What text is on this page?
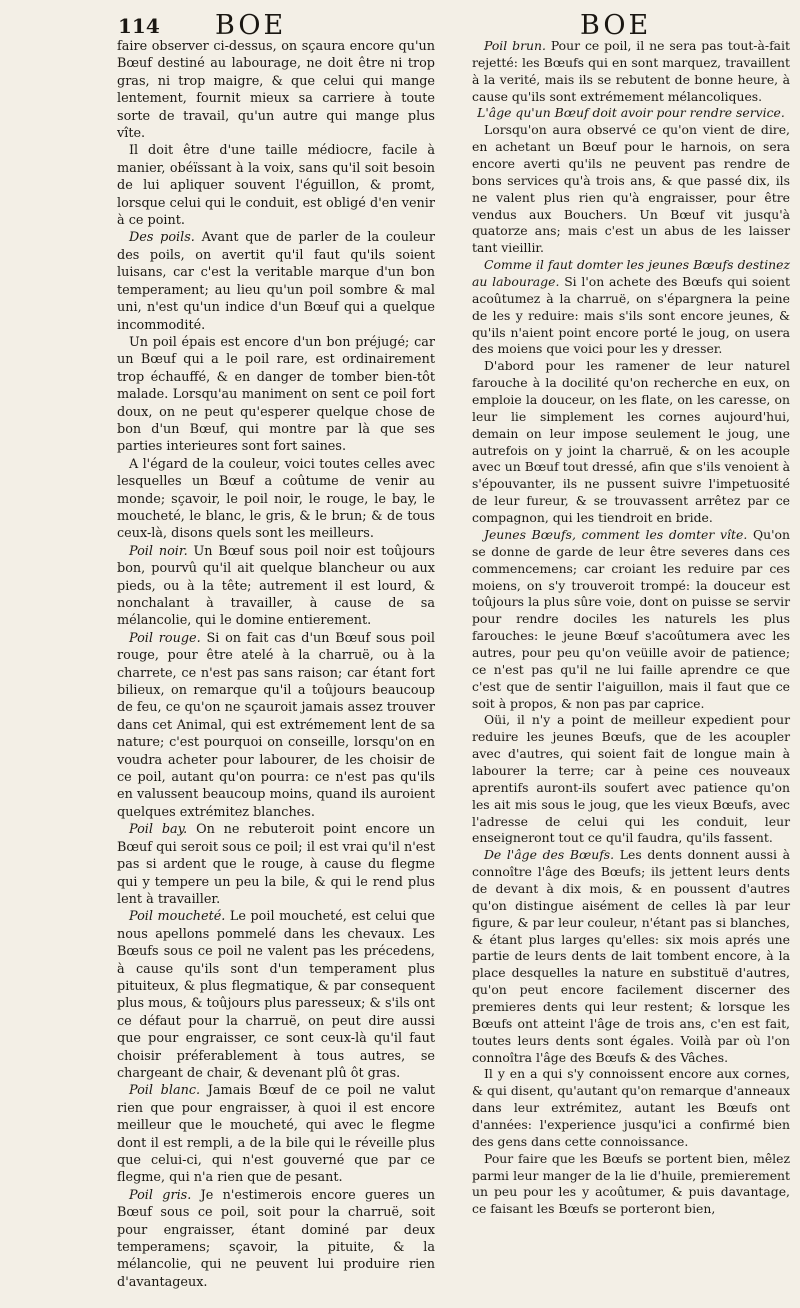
114 BOE	BOE

faire observer ci-dessus, on sçaura encore qu'un Bœuf destiné au labourage, ne doit être ni trop gras, ni trop maigre, & que celui qui mange lentement, fournit mieux sa carriere à toute sorte de travail, qu'un autre qui mange plus vîte.

Il doit être d'une taille médiocre, facile à manier, obéïssant à la voix, sans qu'il soit besoin de lui apliquer souvent l'éguillon, & promt, lorsque celui qui le conduit, est obligé d'en venir à ce point.

Des poils. Avant que de parler de la couleur des poils, on avertit qu'il faut qu'ils soient luisans, car c'est la veritable marque d'un bon temperament; au lieu qu'un poil sombre & mal uni, n'est qu'un indice d'un Bœuf qui a quelque incommodité.

Un poil épais est encore d'un bon préjugé; car un Bœuf qui a le poil rare, est ordinairement trop échauffé, & en danger de tomber bien-tôt malade. Lorsqu'au maniment on sent ce poil fort doux, on ne peut qu'esperer quelque chose de bon d'un Bœuf, qui montre par là que ses parties interieures sont fort saines.

A l'égard de la couleur, voici toutes celles avec lesquelles un Bœuf a coûtume de venir au monde; sçavoir, le poil noir, le rouge, le bay, le moucheté, le blanc, le gris, & le brun; & de tous ceux-là, disons quels sont les meilleurs.

Poil noir. Un Bœuf sous poil noir est toûjours bon, pourvû qu'il ait quelque blancheur ou aux pieds, ou à la tête; autrement il est lourd, & nonchalant à travailler, à cause de sa mélancolie, qui le domine entierement.

Poil rouge. Si on fait cas d'un Bœuf sous poil rouge, pour être atelé à la charruë, ou à la charrete, ce n'est pas sans raison; car étant fort bilieux, on remarque qu'il a toûjours beaucoup de feu, ce qu'on ne sçauroit jamais assez trouver dans cet Animal, qui est extrémement lent de sa nature; c'est pourquoi on conseille, lorsqu'on en voudra acheter pour labourer, de les choisir de ce poil, autant qu'on pourra: ce n'est pas qu'ils en valussent beaucoup moins, quand ils auroient quelques extrémitez blanches.

Poil bay. On ne rebuteroit point encore un Bœuf qui seroit sous ce poil; il est vrai qu'il n'est pas si ardent que le rouge, à cause du flegme qui y tempere un peu la bile, & qui le rend plus lent à travailler.

Poil moucheté. Le poil moucheté, est celui que nous apellons pommelé dans les chevaux. Les Bœufs sous ce poil ne valent pas les précedens, à cause qu'ils sont d'un temperament plus pituiteux, & plus flegmatique, & par consequent plus mous, & toûjours plus paresseux; & s'ils ont ce défaut pour la charruë, on peut dire aussi que pour engraisser, ce sont ceux-là qu'il faut choisir préferablement à tous autres, se chargeant de chair, & devenant plû ôt gras.

Poil blanc. Jamais Bœuf de ce poil ne valut rien que pour engraisser, à quoi il est encore meilleur que le moucheté, qui avec le flegme dont il est rempli, a de la bile qui le réveille plus que celui-ci, qui n'est gouverné que par ce flegme, qui n'a rien que de pesant.

Poil gris. Je n'estimerois encore gueres un Bœuf sous ce poil, soit pour la charruë, soit pour engraisser, étant dominé par deux temperamens; sçavoir, la pituite, & la mélancolie, qui ne peuvent lui produire rien d'avantageux.

Poil brun. Pour ce poil, il ne sera pas tout-à-fait rejetté: les Bœufs qui en sont marquez, travaillent à la verité, mais ils se rebutent de bonne heure, à cause qu'ils sont extrémement mélancoliques.

L'âge qu'un Bœuf doit avoir pour rendre service.

Lorsqu'on aura observé ce qu'on vient de dire, en achetant un Bœuf pour le harnois, on sera encore averti qu'ils ne peuvent pas rendre de bons services qu'à trois ans, & que passé dix, ils ne valent plus rien qu'à engraisser, pour être vendus aux Bouchers. Un Bœuf vit jusqu'à quatorze ans; mais c'est un abus de les laisser tant vieillir.

Comme il faut domter les jeunes Bœufs destinez au labourage. Si l'on achete des Bœufs qui soient acoûtumez à la charruë, on s'épargnera la peine de les y reduire: mais s'ils sont encore jeunes, & qu'ils n'aient point encore porté le joug, on usera des moiens que voici pour les y dresser.

D'abord pour les ramener de leur naturel farouche à la docilité qu'on recherche en eux, on emploie la douceur, on les flate, on les caresse, on leur lie simplement les cornes aujourd'hui, demain on leur impose seulement le joug, une autrefois on y joint la charruë, & on les acouple avec un Bœuf tout dressé, afin que s'ils venoient à s'épouvanter, ils ne pussent suivre l'impetuosité de leur fureur, & se trouvassent arrêtez par ce compagnon, qui les tiendroit en bride.

Jeunes Bœufs, comment les domter vîte. Qu'on se donne de garde de leur être severes dans ces commencemens; car croiant les reduire par ces moiens, on s'y trouveroit trompé: la douceur est toûjours la plus sûre voie, dont on puisse se servir pour rendre dociles les naturels les plus farouches: le jeune Bœuf s'acoûtumera avec les autres, pour peu qu'on veüille avoir de patience; ce n'est pas qu'il ne lui faille aprendre ce que c'est que de sentir l'aiguillon, mais il faut que ce soit à propos, & non pas par caprice.

Oüi, il n'y a point de meilleur expedient pour reduire les jeunes Bœufs, que de les acoupler avec d'autres, qui soient fait de longue main à labourer la terre; car à peine ces nouveaux aprentifs auront-ils soufert avec patience qu'on les ait mis sous le joug, que les vieux Bœufs, avec l'adresse de celui qui les conduit, leur enseigneront tout ce qu'il faudra, qu'ils fassent.

De l'âge des Bœufs. Les dents donnent aussi à connoître l'âge des Bœufs; ils jettent leurs dents de devant à dix mois, & en poussent d'autres qu'on distingue aisément de celles là par leur figure, & par leur couleur, n'étant pas si blanches, & étant plus larges qu'elles: six mois aprés une partie de leurs dents de lait tombent encore, à la place desquelles la nature en substituë d'autres, qu'on peut encore facilement discerner des premieres dents qui leur restent; & lorsque les Bœufs ont atteint l'âge de trois ans, c'en est fait, toutes leurs dents sont égales. Voilà par où l'on connoîtra l'âge des Bœufs & des Vâches.

Il y en a qui s'y connoissent encore aux cornes, & qui disent, qu'autant qu'on remarque d'anneaux dans leur extrémitez, autant les Bœufs ont d'années: l'experience jusqu'ici a confirmé bien des gens dans cette connoissance.

Pour faire que les Bœufs se portent bien, mêlez parmi leur manger de la lie d'huile, premierement un peu pour les y acoûtumer, & puis davantage, ce faisant les Bœufs se porteront bien,
